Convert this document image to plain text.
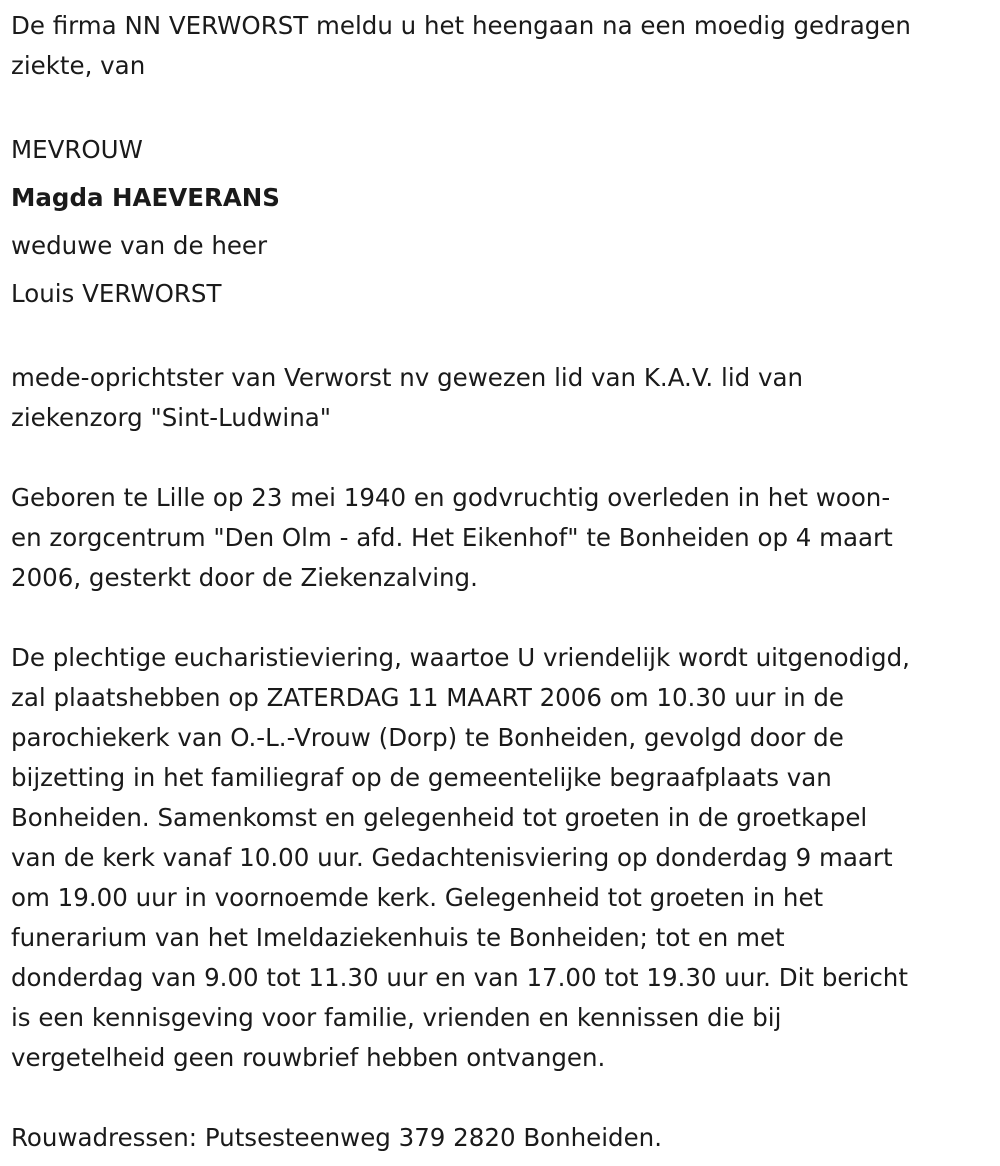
De firma NN VERWORST meldu u het heengaan na een moedig gedragen
ziekte, van
MEVROUW
Magda HAEVERANS
weduwe van de heer
Louis VERWORST
mede-oprichtster van Verworst nv gewezen lid van K.A.V. lid van
ziekenzorg "Sint-Ludwina"
Geboren te Lille op 23 mei 1940 en godvruchtig overleden in het woon-
en zorgcentrum "Den Olm - afd. Het Eikenhof" te Bonheiden op 4 maart
2006, gesterkt door de Ziekenzalving.
De plechtige eucharistieviering, waartoe U vriendelijk wordt uitgenodigd,
zal plaatshebben op ZATERDAG 11 MAART 2006 om 10.30 uur in de
parochiekerk van O.-L.-Vrouw (Dorp) te Bonheiden, gevolgd door de
bijzetting in het familiegraf op de gemeentelijke begraafplaats van
Bonheiden. Samenkomst en gelegenheid tot groeten in de groetkapel
van de kerk vanaf 10.00 uur. Gedachtenisviering op donderdag 9 maart
om 19.00 uur in voornoemde kerk. Gelegenheid tot groeten in het
funerarium van het Imeldaziekenhuis te Bonheiden; tot en met
donderdag van 9.00 tot 11.30 uur en van 17.00 tot 19.30 uur. Dit bericht
is een kennisgeving voor familie, vrienden en kennissen die bij
vergetelheid geen rouwbrief hebben ontvangen.
Rouwadressen: Putsesteenweg 379 2820 Bonheiden.
